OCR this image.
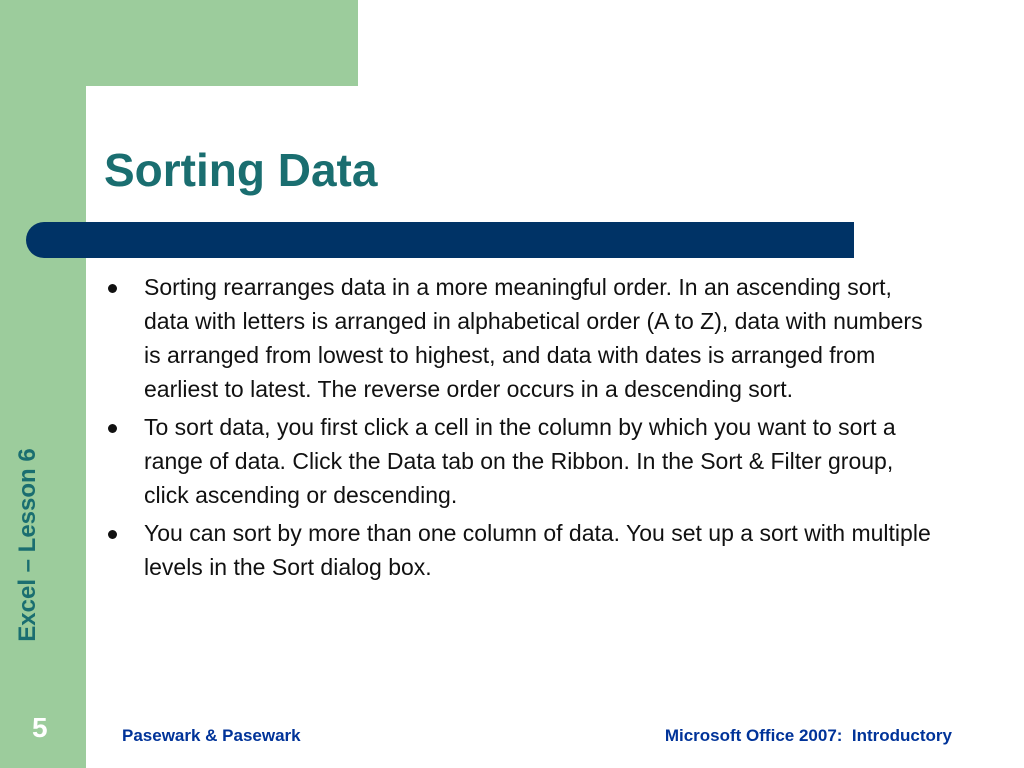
Sorting Data
Excel – Lesson 6
Sorting rearranges data in a more meaningful order. In an ascending sort, data with letters is arranged in alphabetical order (A to Z), data with numbers is arranged from lowest to highest, and data with dates is arranged from earliest to latest. The reverse order occurs in a descending sort.
To sort data, you first click a cell in the column by which you want to sort a range of data. Click the Data tab on the Ribbon. In the Sort & Filter group, click ascending or descending.
You can sort by more than one column of data. You set up a sort with multiple levels in the Sort dialog box.
5	Pasewark & Pasewark	Microsoft Office 2007:  Introductory
